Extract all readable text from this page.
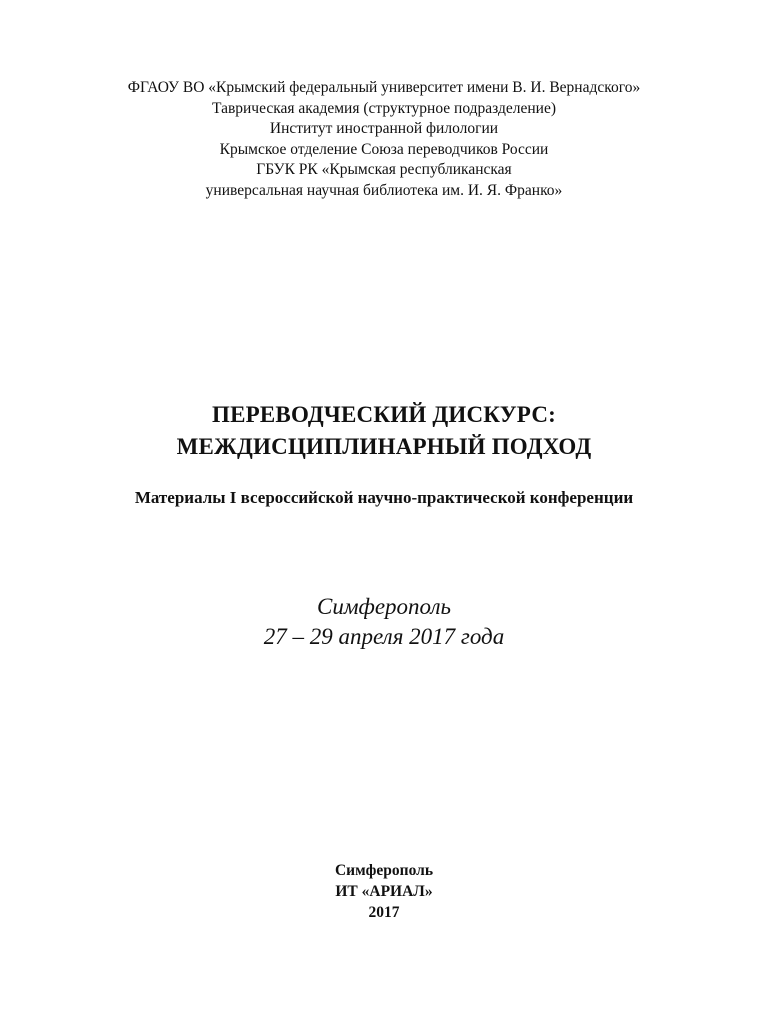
ФГАОУ ВО «Крымский федеральный университет имени В. И. Вернадского»
Таврическая академия (структурное подразделение)
Институт иностранной филологии
Крымское отделение Союза переводчиков России
ГБУК РК «Крымская республиканская
универсальная научная библиотека им. И. Я. Франко»
ПЕРЕВОДЧЕСКИЙ ДИСКУРС:
МЕЖДИСЦИПЛИНАРНЫЙ ПОДХОД
Материалы I всероссийской научно-практической конференции
Симферополь
27 – 29 апреля 2017 года
Симферополь
ИТ «АРИАЛ»
2017
